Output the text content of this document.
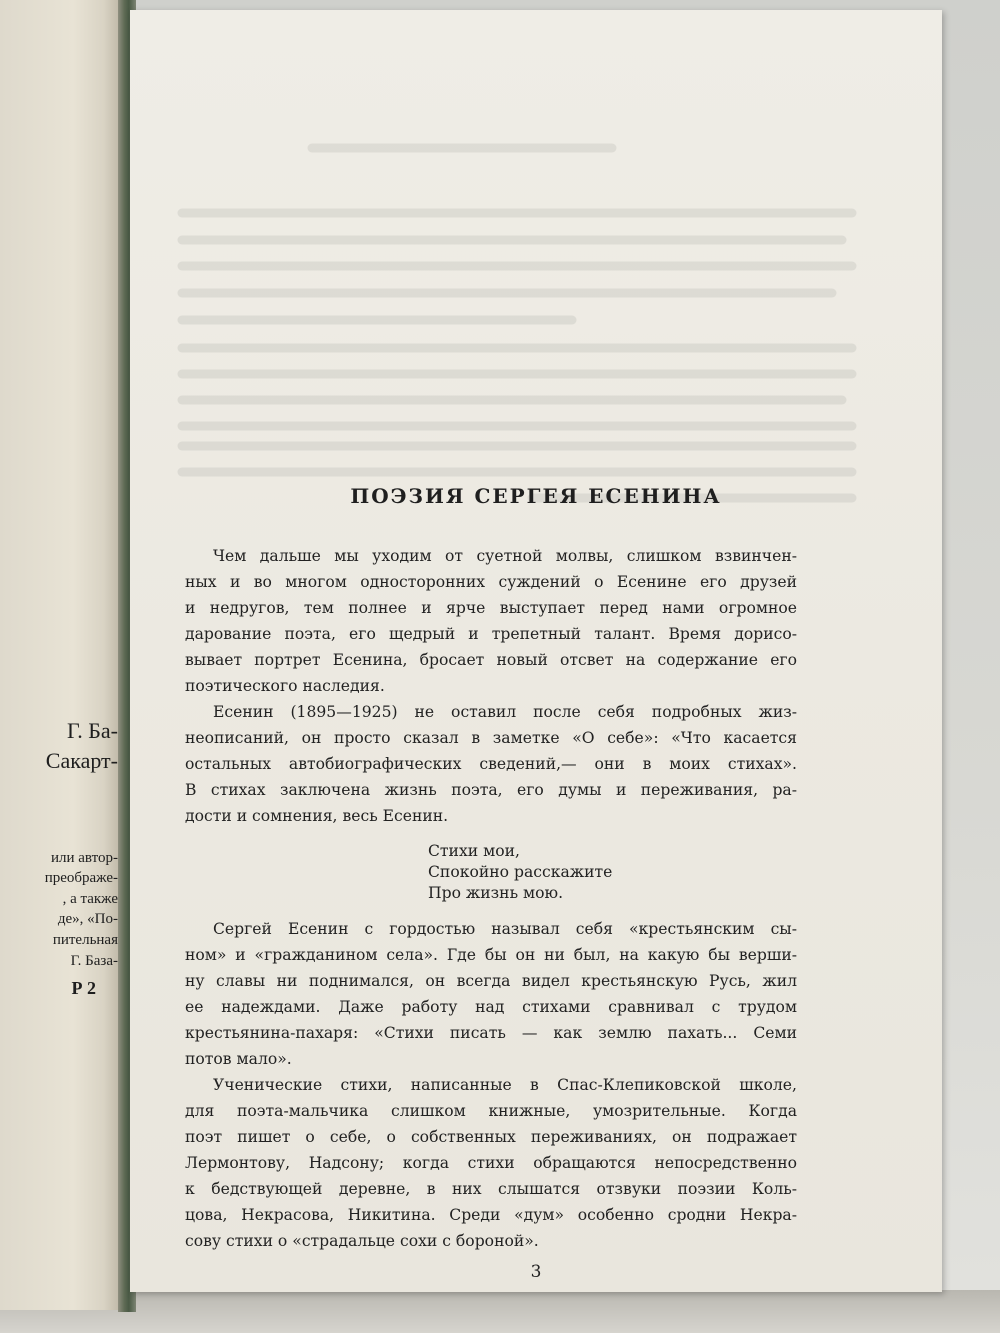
Г. Ба-
Сакарт-
или автор-
преображе-
, а также
де», «По-
пительная
Г. База-
Р 2
ПОЭЗИЯ СЕРГЕЯ ЕСЕНИНА
Чем дальше мы уходим от суетной молвы, слишком взвинчен-
ных и во многом односторонних суждений о Есенине его друзей
и недругов, тем полнее и ярче выступает перед нами огромное
дарование поэта, его щедрый и трепетный талант. Время дорисо-
вывает портрет Есенина, бросает новый отсвет на содержание его
поэтического наследия.
Есенин (1895—1925) не оставил после себя подробных жиз-
неописаний, он просто сказал в заметке «О себе»: «Что касается
остальных автобиографических сведений,— они в моих стихах».
В стихах заключена жизнь поэта, его думы и переживания, ра-
дости и сомнения, весь Есенин.
Стихи мои,
Спокойно расскажите
Про жизнь мою.
Сергей Есенин с гордостью называл себя «крестьянским сы-
ном» и «гражданином села». Где бы он ни был, на какую бы верши-
ну славы ни поднимался, он всегда видел крестьянскую Русь, жил
ее надеждами. Даже работу над стихами сравнивал с трудом
крестьянина-пахаря: «Стихи писать — как землю пахать... Семи
потов мало».
Ученические стихи, написанные в Спас-Клепиковской школе,
для поэта-мальчика слишком книжные, умозрительные. Когда
поэт пишет о себе, о собственных переживаниях, он подражает
Лермонтову, Надсону; когда стихи обращаются непосредственно
к бедствующей деревне, в них слышатся отзвуки поэзии Коль-
цова, Некрасова, Никитина. Среди «дум» особенно сродни Некра-
сову стихи о «страдальце сохи с бороной».
3
